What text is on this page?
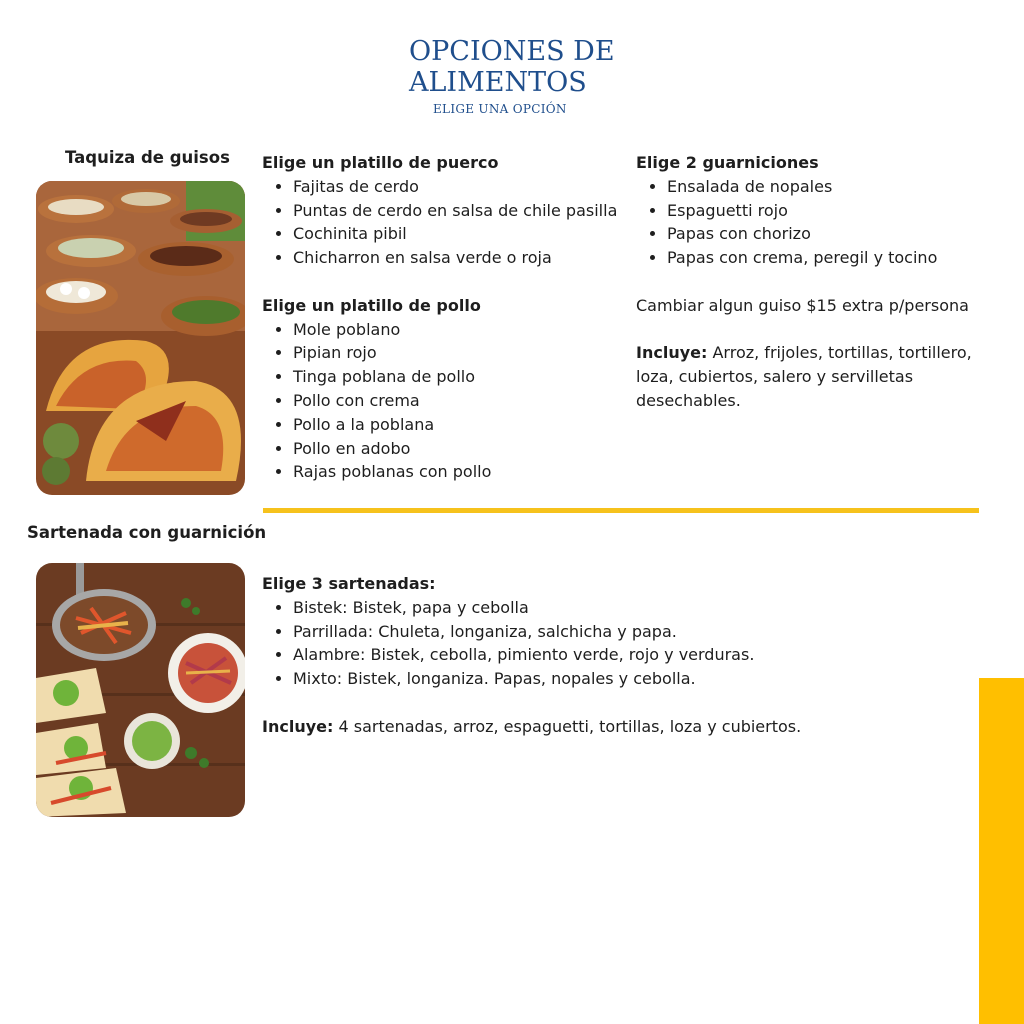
OPCIONES DE
ALIMENTOS
ELIGE UNA OPCIÓN
Taquiza de guisos Elige un platillo de puerco
• Fajitas de cerdo
• Puntas de cerdo en salsa de chile pasilla
• Cochinita pibil
• Chicharron en salsa verde o roja
Elige un platillo de pollo
• Mole poblano
• Pipian rojo
• Tinga poblana de pollo
• Pollo con crema
• Pollo a la poblana
• Pollo en adobo
• Rajas poblanas con pollo
Elige 2 guarniciones
• Ensalada de nopales
• Espaguetti rojo
• Papas con chorizo
• Papas con crema, peregil y tocino

Cambiar algun guiso $15 extra p/persona

Incluye: Arroz, frijoles, tortillas, tortillero, loza, cubiertos, salero y servilletas desechables.

Sartenada con guarnición
Elige 3 sartenadas:
• Bistek: Bistek, papa y cebolla
• Parrillada: Chuleta, longaniza, salchicha y papa.
• Alambre: Bistek, cebolla, pimiento verde, rojo y verduras.
• Mixto: Bistek, longaniza. Papas, nopales y cebolla.

Incluye: 4 sartenadas, arroz, espaguetti, tortillas, loza y cubiertos.
